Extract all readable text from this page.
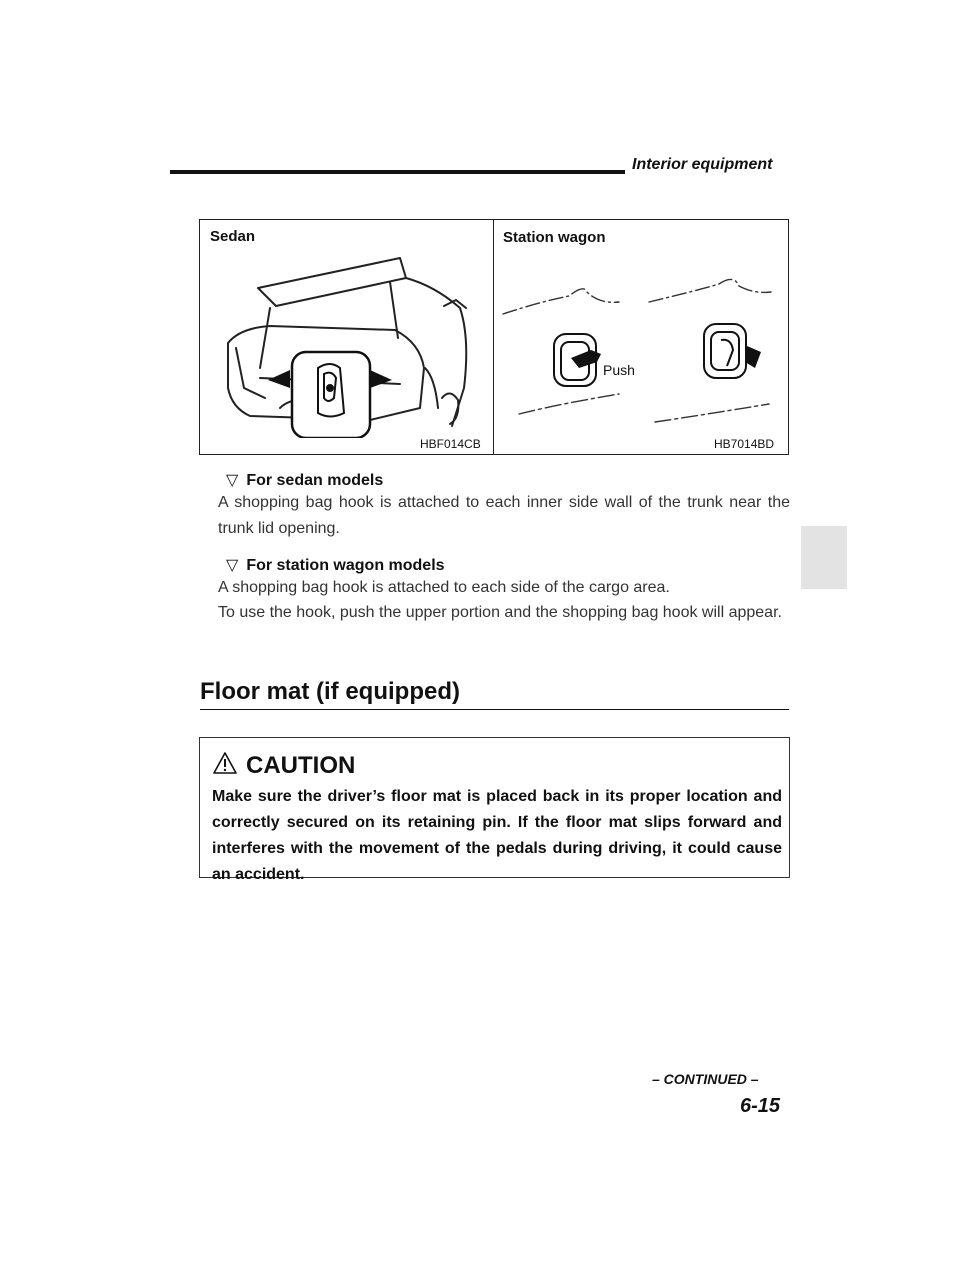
Interior equipment
Sedan	Station wagon
Push
HBF014CB	HB7014BD
▽ For sedan models
A shopping bag hook is attached to each inner side wall of the trunk near the trunk lid opening.
▽ For station wagon models
A shopping bag hook is attached to each side of the cargo area.
To use the hook, push the upper portion and the shopping bag hook will appear.
Floor mat (if equipped)
CAUTION
Make sure the driver’s floor mat is placed back in its proper location and correctly secured on its retaining pin. If the floor mat slips forward and interferes with the movement of the pedals during driving, it could cause an accident.
– CONTINUED –
6-15
